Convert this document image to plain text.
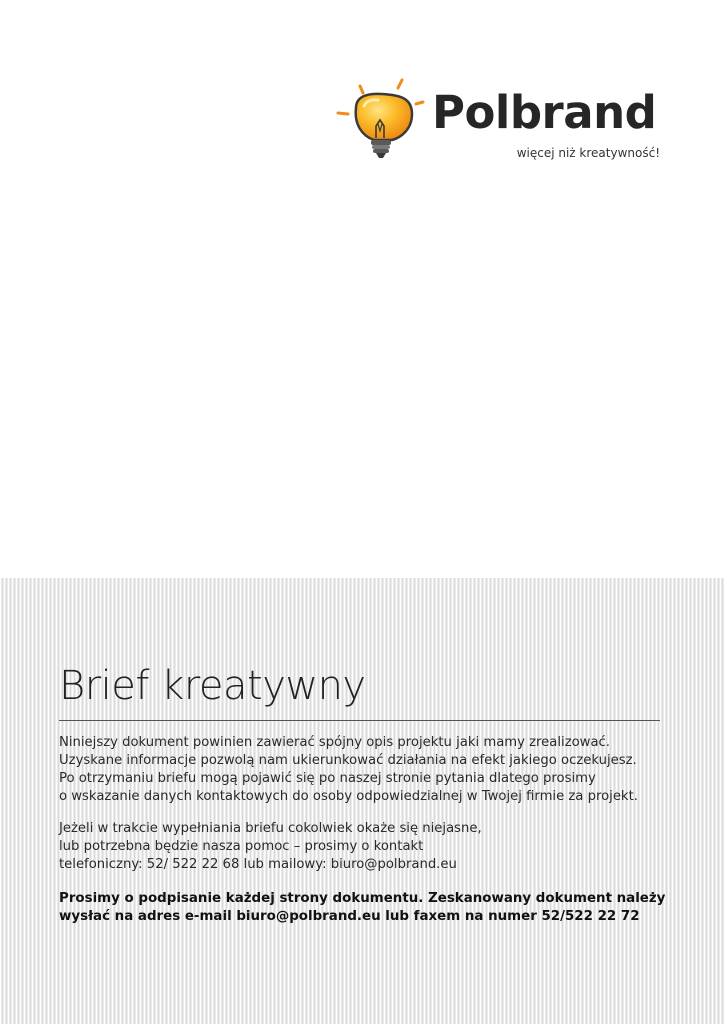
Polbrand
więcej niż kreatywność!
Brief kreatywny
Niniejszy dokument powinien zawierać spójny opis projektu jaki mamy zrealizować.
Uzyskane informacje pozwolą nam ukierunkować działania na efekt jakiego oczekujesz.
Po otrzymaniu briefu mogą pojawić się po naszej stronie pytania dlatego prosimy
o wskazanie danych kontaktowych do osoby odpowiedzialnej w Twojej firmie za projekt.
Jeżeli w trakcie wypełniania briefu cokolwiek okaże się niejasne,
lub potrzebna będzie nasza pomoc – prosimy o kontakt
telefoniczny: 52/ 522 22 68 lub mailowy: biuro@polbrand.eu
Prosimy o podpisanie każdej strony dokumentu. Zeskanowany dokument należy
wysłać na adres e-mail biuro@polbrand.eu lub faxem na numer 52/522 22 72
